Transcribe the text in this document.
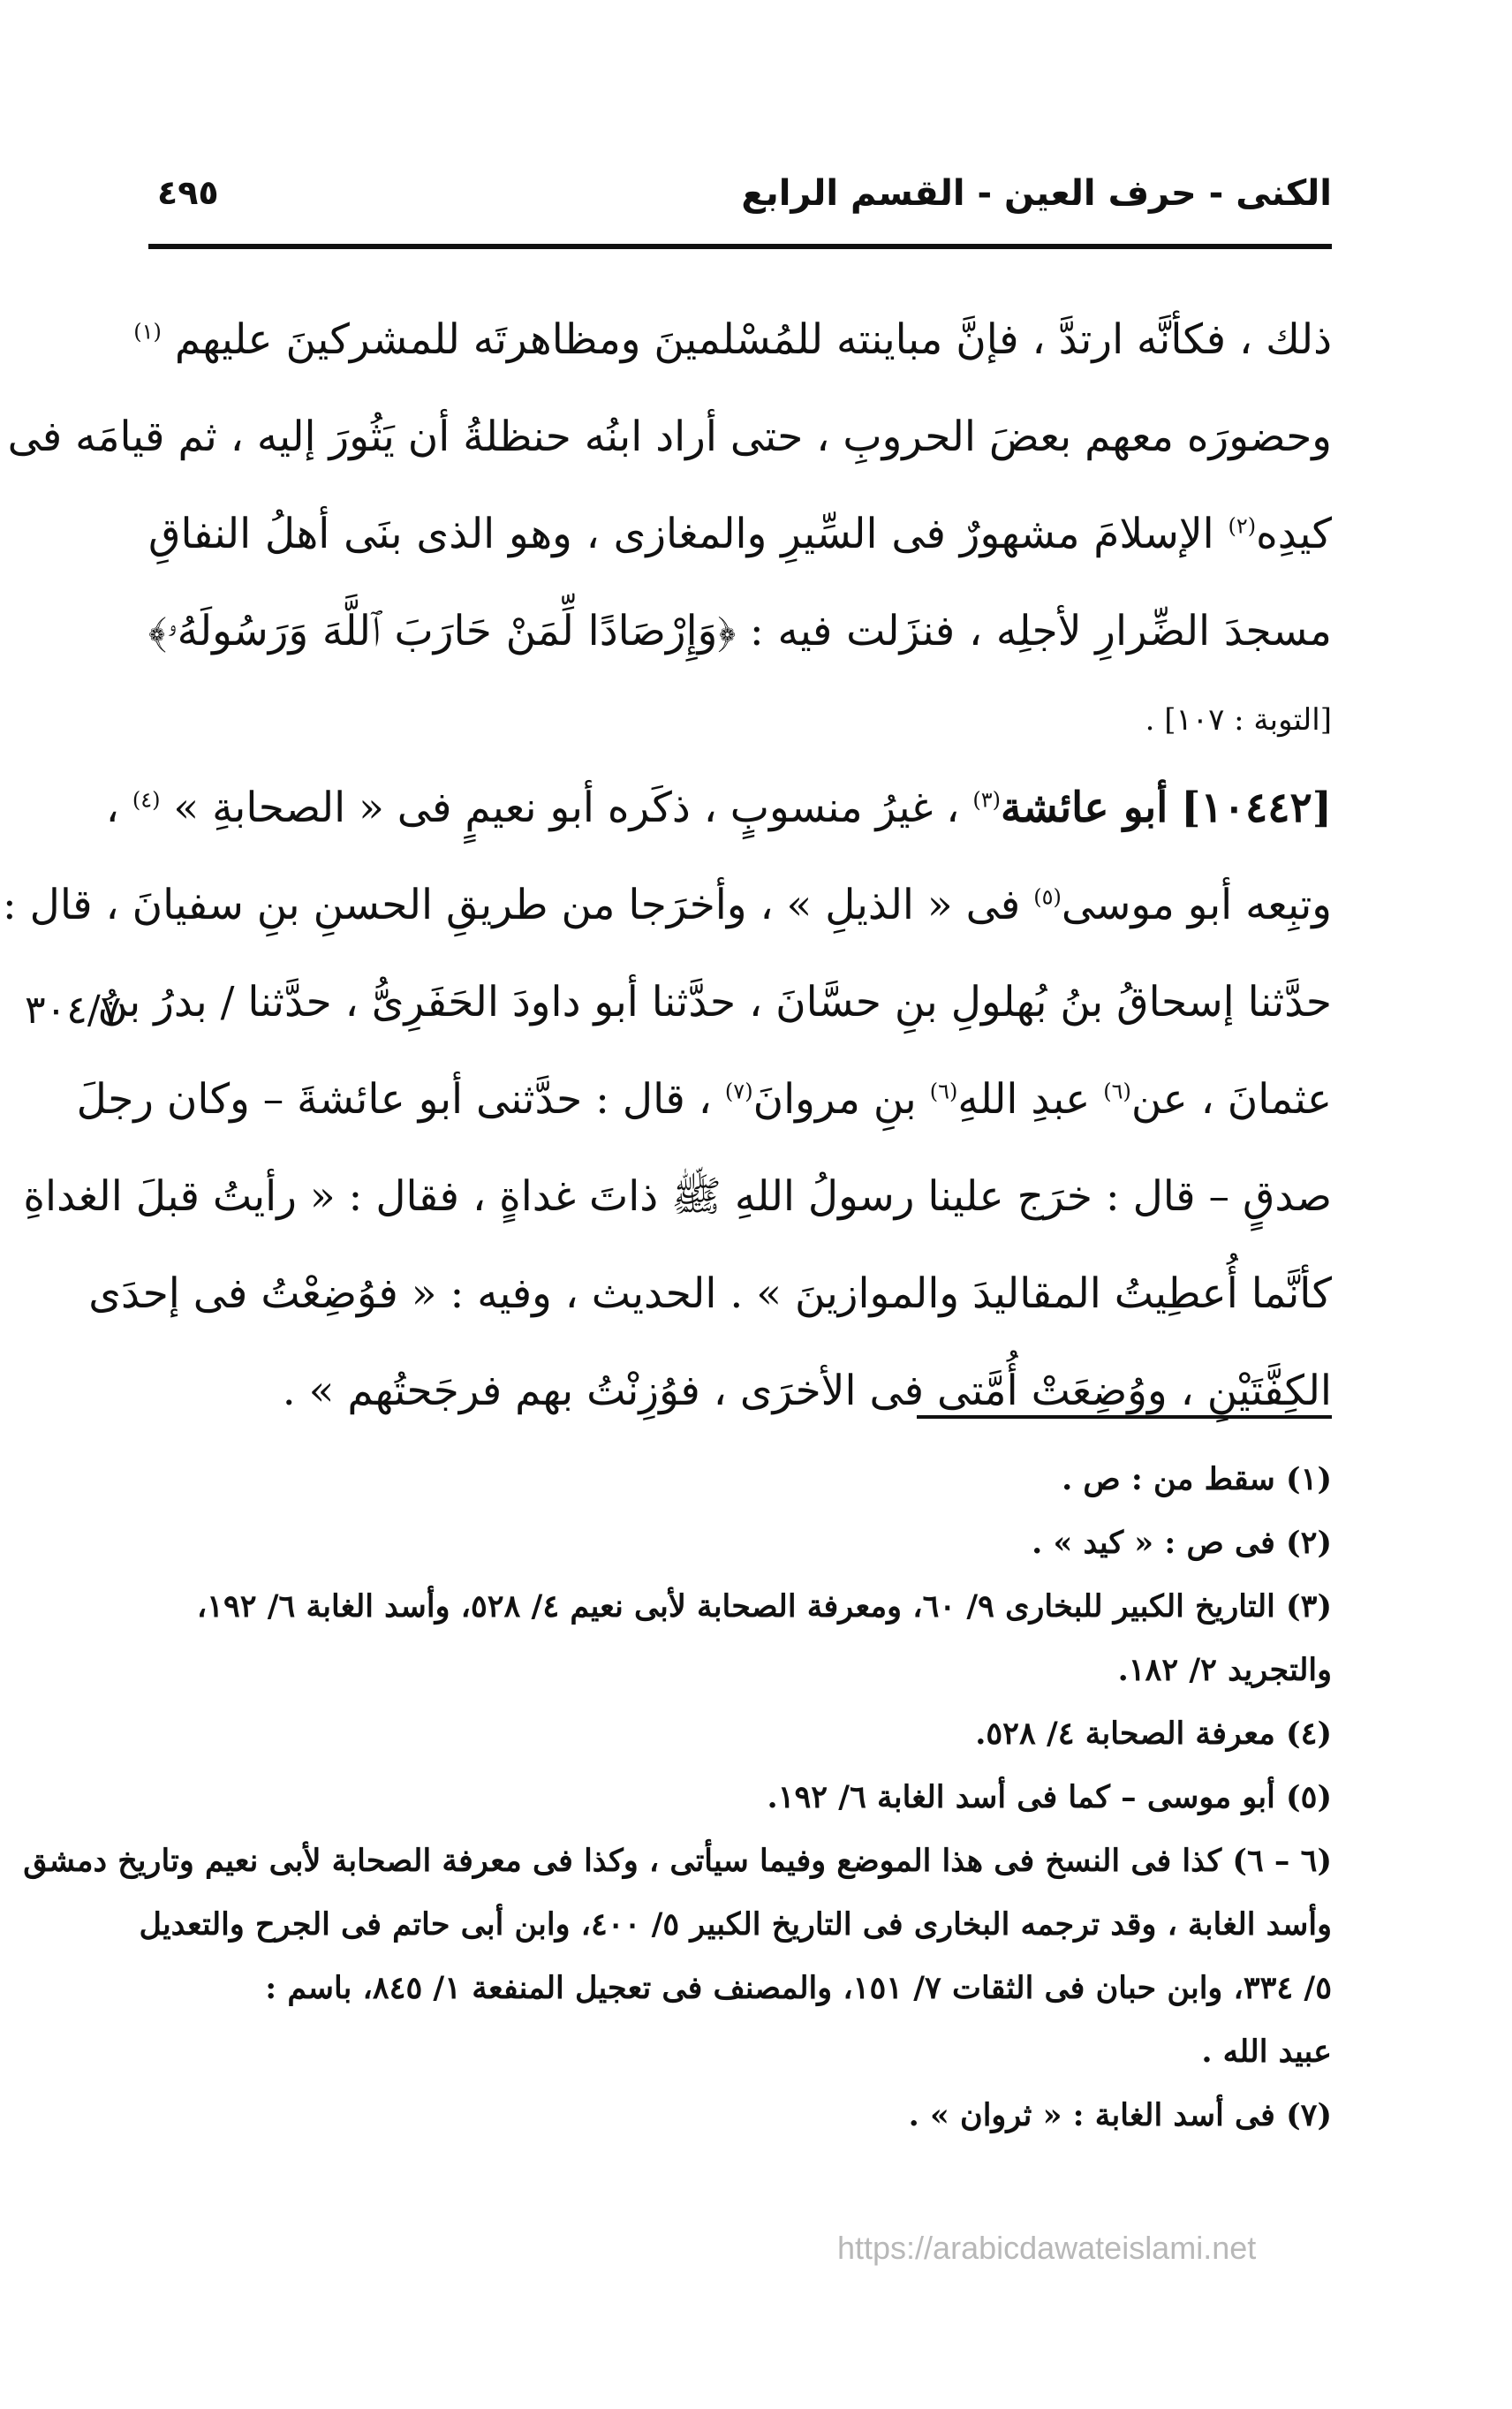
الكنى - حرف العين - القسم الرابع
٤٩٥
٣٠٤/٧
ذلك ، فكأنَّه ارتدَّ ، فإنَّ مباينته للمُسْلمينَ ومظاهرتَه للمشركينَ عليهم $^{(١)}$
وحضورَه معهم بعضَ الحروبِ ، حتى أراد ابنُه حنظلةُ أن يَثُورَ إليه ، ثم قيامَه فى
كيدِه$^{(٢)}$ الإسلامَ مشهورٌ فى السِّيرِ والمغازى ، وهو الذى بنَى أهلُ النفاقِ
مسجدَ الضِّرارِ لأجلِه ، فنزَلت فيه : ﴿وَإِرْصَادًا لِّمَنْ حَارَبَ ٱللَّهَ وَرَسُولَهُۥ﴾
[التوبة : ١٠٧] .
[١٠٤٤٢] أبو عائشة$^{(٣)}$ ، غيرُ منسوبٍ ، ذكَره أبو نعيمٍ فى « الصحابةِ » $^{(٤)}$ ،
وتبِعه أبو موسى$^{(٥)}$ فى « الذيلِ » ، وأخرَجا من طريقِ الحسنِ بنِ سفيانَ ، قال :
حدَّثنا إسحاقُ بنُ بُهلولِ بنِ حسَّانَ ، حدَّثنا أبو داودَ الحَفَرِىُّ ، حدَّثنا / بدرُ بنُ
عثمانَ ، عن$^{(٦)}$ عبدِ اللهِ$^{(٦)}$ بنِ مروانَ$^{(٧)}$ ، قال : حدَّثنى أبو عائشةَ – وكان رجلَ
صدقٍ – قال : خرَج علينا رسولُ اللهِ ﷺ ذاتَ غداةٍ ، فقال : « رأيتُ قبلَ الغداةِ
كأنَّما أُعطِيتُ المقاليدَ والموازينَ » . الحديث ، وفيه : « فوُضِعْتُ فى إحدَى
الكِفَّتَيْنِ ، ووُضِعَتْ أُمَّتى فى الأخرَى ، فوُزِنْتُ بهم فرجَحتُهم » .
(١) سقط من : ص .
(٢) فى ص : « كيد » .
(٣) التاريخ الكبير للبخارى ٩/ ٦٠، ومعرفة الصحابة لأبى نعيم ٤/ ٥٢٨، وأسد الغابة ٦/ ١٩٢،
والتجريد ٢/ ١٨٢.
(٤) معرفة الصحابة ٤/ ٥٢٨.
(٥) أبو موسى – كما فى أسد الغابة ٦/ ١٩٢.
(٦ – ٦) كذا فى النسخ فى هذا الموضع وفيما سيأتى ، وكذا فى معرفة الصحابة لأبى نعيم وتاريخ دمشق
وأسد الغابة ، وقد ترجمه البخارى فى التاريخ الكبير ٥/ ٤٠٠، وابن أبى حاتم فى الجرح والتعديل
٥/ ٣٣٤، وابن حبان فى الثقات ٧/ ١٥١، والمصنف فى تعجيل المنفعة ١/ ٨٤٥، باسم :
عبيد الله .
(٧) فى أسد الغابة : « ثروان » .
https://arabicdawateislami.net
